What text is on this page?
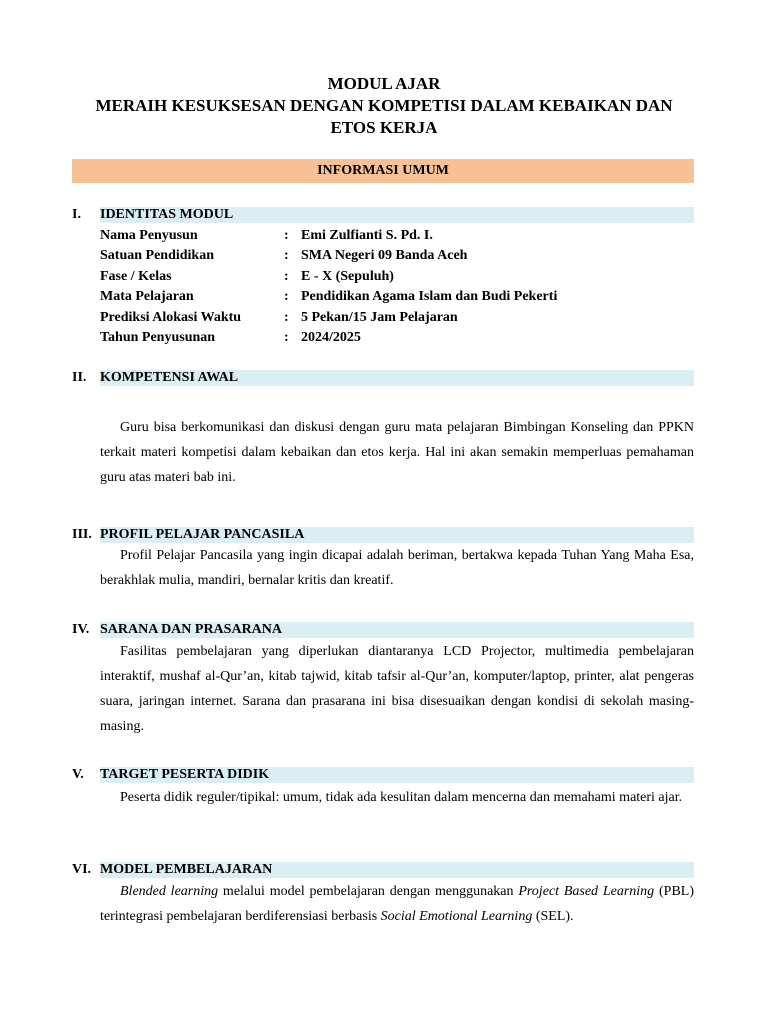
MODUL AJAR
MERAIH KESUKSESAN DENGAN KOMPETISI DALAM KEBAIKAN DAN
ETOS KERJA
INFORMASI UMUM
I. IDENTITAS MODUL
Nama Penyusun	: Emi Zulfianti S. Pd. I.
Satuan Pendidikan	: SMA Negeri 09 Banda Aceh
Fase / Kelas	: E - X (Sepuluh)
Mata Pelajaran	: Pendidikan Agama Islam dan Budi Pekerti
Prediksi Alokasi Waktu	: 5 Pekan/15 Jam Pelajaran
Tahun Penyusunan	: 2024/2025
II. KOMPETENSI AWAL
Guru bisa berkomunikasi dan diskusi dengan guru mata pelajaran Bimbingan Konseling dan PPKN terkait materi kompetisi dalam kebaikan dan etos kerja. Hal ini akan semakin memperluas pemahaman guru atas materi bab ini.
III. PROFIL PELAJAR PANCASILA
Profil Pelajar Pancasila yang ingin dicapai adalah beriman, bertakwa kepada Tuhan Yang Maha Esa, berakhlak mulia, mandiri, bernalar kritis dan kreatif.
IV. SARANA DAN PRASARANA
Fasilitas pembelajaran yang diperlukan diantaranya LCD Projector, multimedia pembelajaran interaktif, mushaf al-Qur’an, kitab tajwid, kitab tafsir al-Qur’an, komputer/laptop, printer, alat pengeras suara, jaringan internet. Sarana dan prasarana ini bisa disesuaikan dengan kondisi di sekolah masing-masing.
V. TARGET PESERTA DIDIK
Peserta didik reguler/tipikal: umum, tidak ada kesulitan dalam mencerna dan memahami materi ajar.
VI. MODEL PEMBELAJARAN
Blended learning melalui model pembelajaran dengan menggunakan Project Based Learning (PBL) terintegrasi pembelajaran berdiferensiasi berbasis Social Emotional Learning (SEL).
